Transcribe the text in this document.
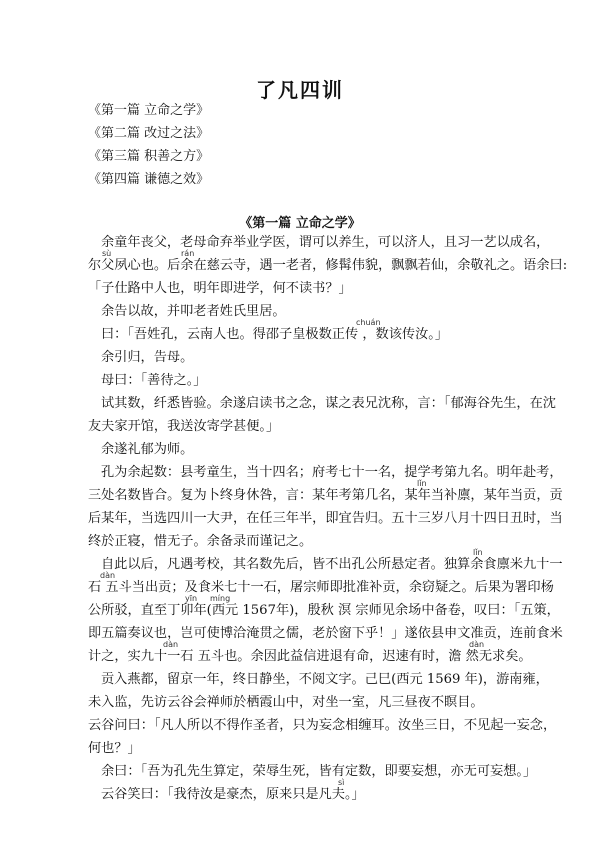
了凡四训
《第一篇 立命之学》
《第二篇 改过之法》
《第三篇 积善之方》
《第四篇 谦德之效》
《第一篇 立命之学》
余童年丧父，老母命弃举业学医，谓可以养生，可以济人，且习一艺以成名，
尔父夙心也。后余在慈云寺，遇一老者，修髯伟貌，飘飘若仙，余敬礼之。语余曰:
「子仕路中人也，明年即进学，何不读书？」
余告以故，并叩老者姓氏里居。
曰：「吾姓孔，云南人也。得邵子皇极数正传 ，数该传汝。」
余引归，告母。
母曰：「善待之。」
试其数，纤悉皆验。余遂启读书之念，谋之表兄沈称，言：「郁海谷先生，在沈
友夫家开馆，我送汝寄学甚便。」
余遂礼郁为师。
孔为余起数：县考童生，当十四名；府考七十一名，提学考第九名。明年赴考，
三处名数皆合。复为卜终身休咎，言：某年考第几名，某年当补廪，某年当贡，贡
后某年，当选四川一大尹，在任三年半，即宜告归。五十三岁八月十四日丑时，当
终於正寝，惜无子。余备录而谨记之。
自此以后，凡遇考校，其名数先后，皆不出孔公所悬定者。独算余食廪米九十一
石 五斗当出贡；及食米七十一石，屠宗师即批准补贡，余窃疑之。后果为署印杨
公所驳，直至丁卯年(西元 1567年)，殷秋 溟 宗师见余场中备卷，叹曰：「五策，
即五篇奏议也，岂可使博洽淹贯之儒，老於窗下乎！」遂依县申文准贡，连前食米
计之，实九十一石 五斗也。余因此益信进退有命，迟速有时，澹 然无求矣。
贡入燕都，留京一年，终日静坐，不阅文字。己巳(西元 1569 年)，游南雍，
未入监，先访云谷会禅师於栖霞山中，对坐一室，凡三昼夜不瞑目。
云谷问曰：「凡人所以不得作圣者，只为妄念相缠耳。汝坐三日，不见起一妄念，
何也？」
余曰：「吾为孔先生算定，荣辱生死，皆有定数，即要妄想，亦无可妄想。」
云谷笑曰：「我待汝是豪杰，原来只是凡夫。」
sù	rán
chuán
lǐn
dàn
yīn míng
lǐn
dàn	dàn
sì
